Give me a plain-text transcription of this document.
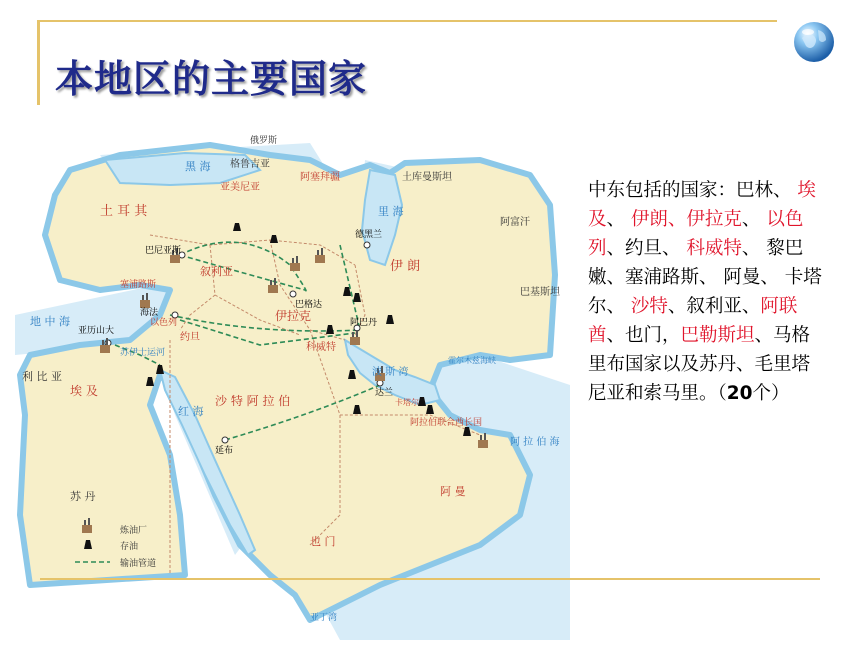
本地区的主要国家
黑 海 格鲁吉亚
俄罗斯
亚美尼亚
阿塞拜疆	土库曼斯坦
里 海
土 耳 其
德黑兰
巴尼亚斯
叙利亚
塞浦路斯
海法
巴格达
伊拉克
伊 朗
阿富汗
巴基斯坦
阿巴丹
科威特
约旦
以色列
亚历山大
地 中 海
苏伊士运河
埃 及
利 比 亚
苏 丹
沙 特 阿 拉 伯
波 斯 湾
达兰
卡塔尔
阿拉伯联合酋长国
霍尔木兹海峡
延布
红 海
阿 曼
也 门
阿 拉 伯 海
亚丁湾
炼油厂
存油
输油管道
中东包括的国家：巴林、 埃及、 伊朗、伊拉克、 以色列、约旦、 科威特、 黎巴嫩、塞浦路斯、 阿曼、 卡塔尔、 沙特、叙利亚、阿联酋、也门，巴勒斯坦、马格里布国家以及苏丹、毛里塔尼亚和索马里。（20个）
